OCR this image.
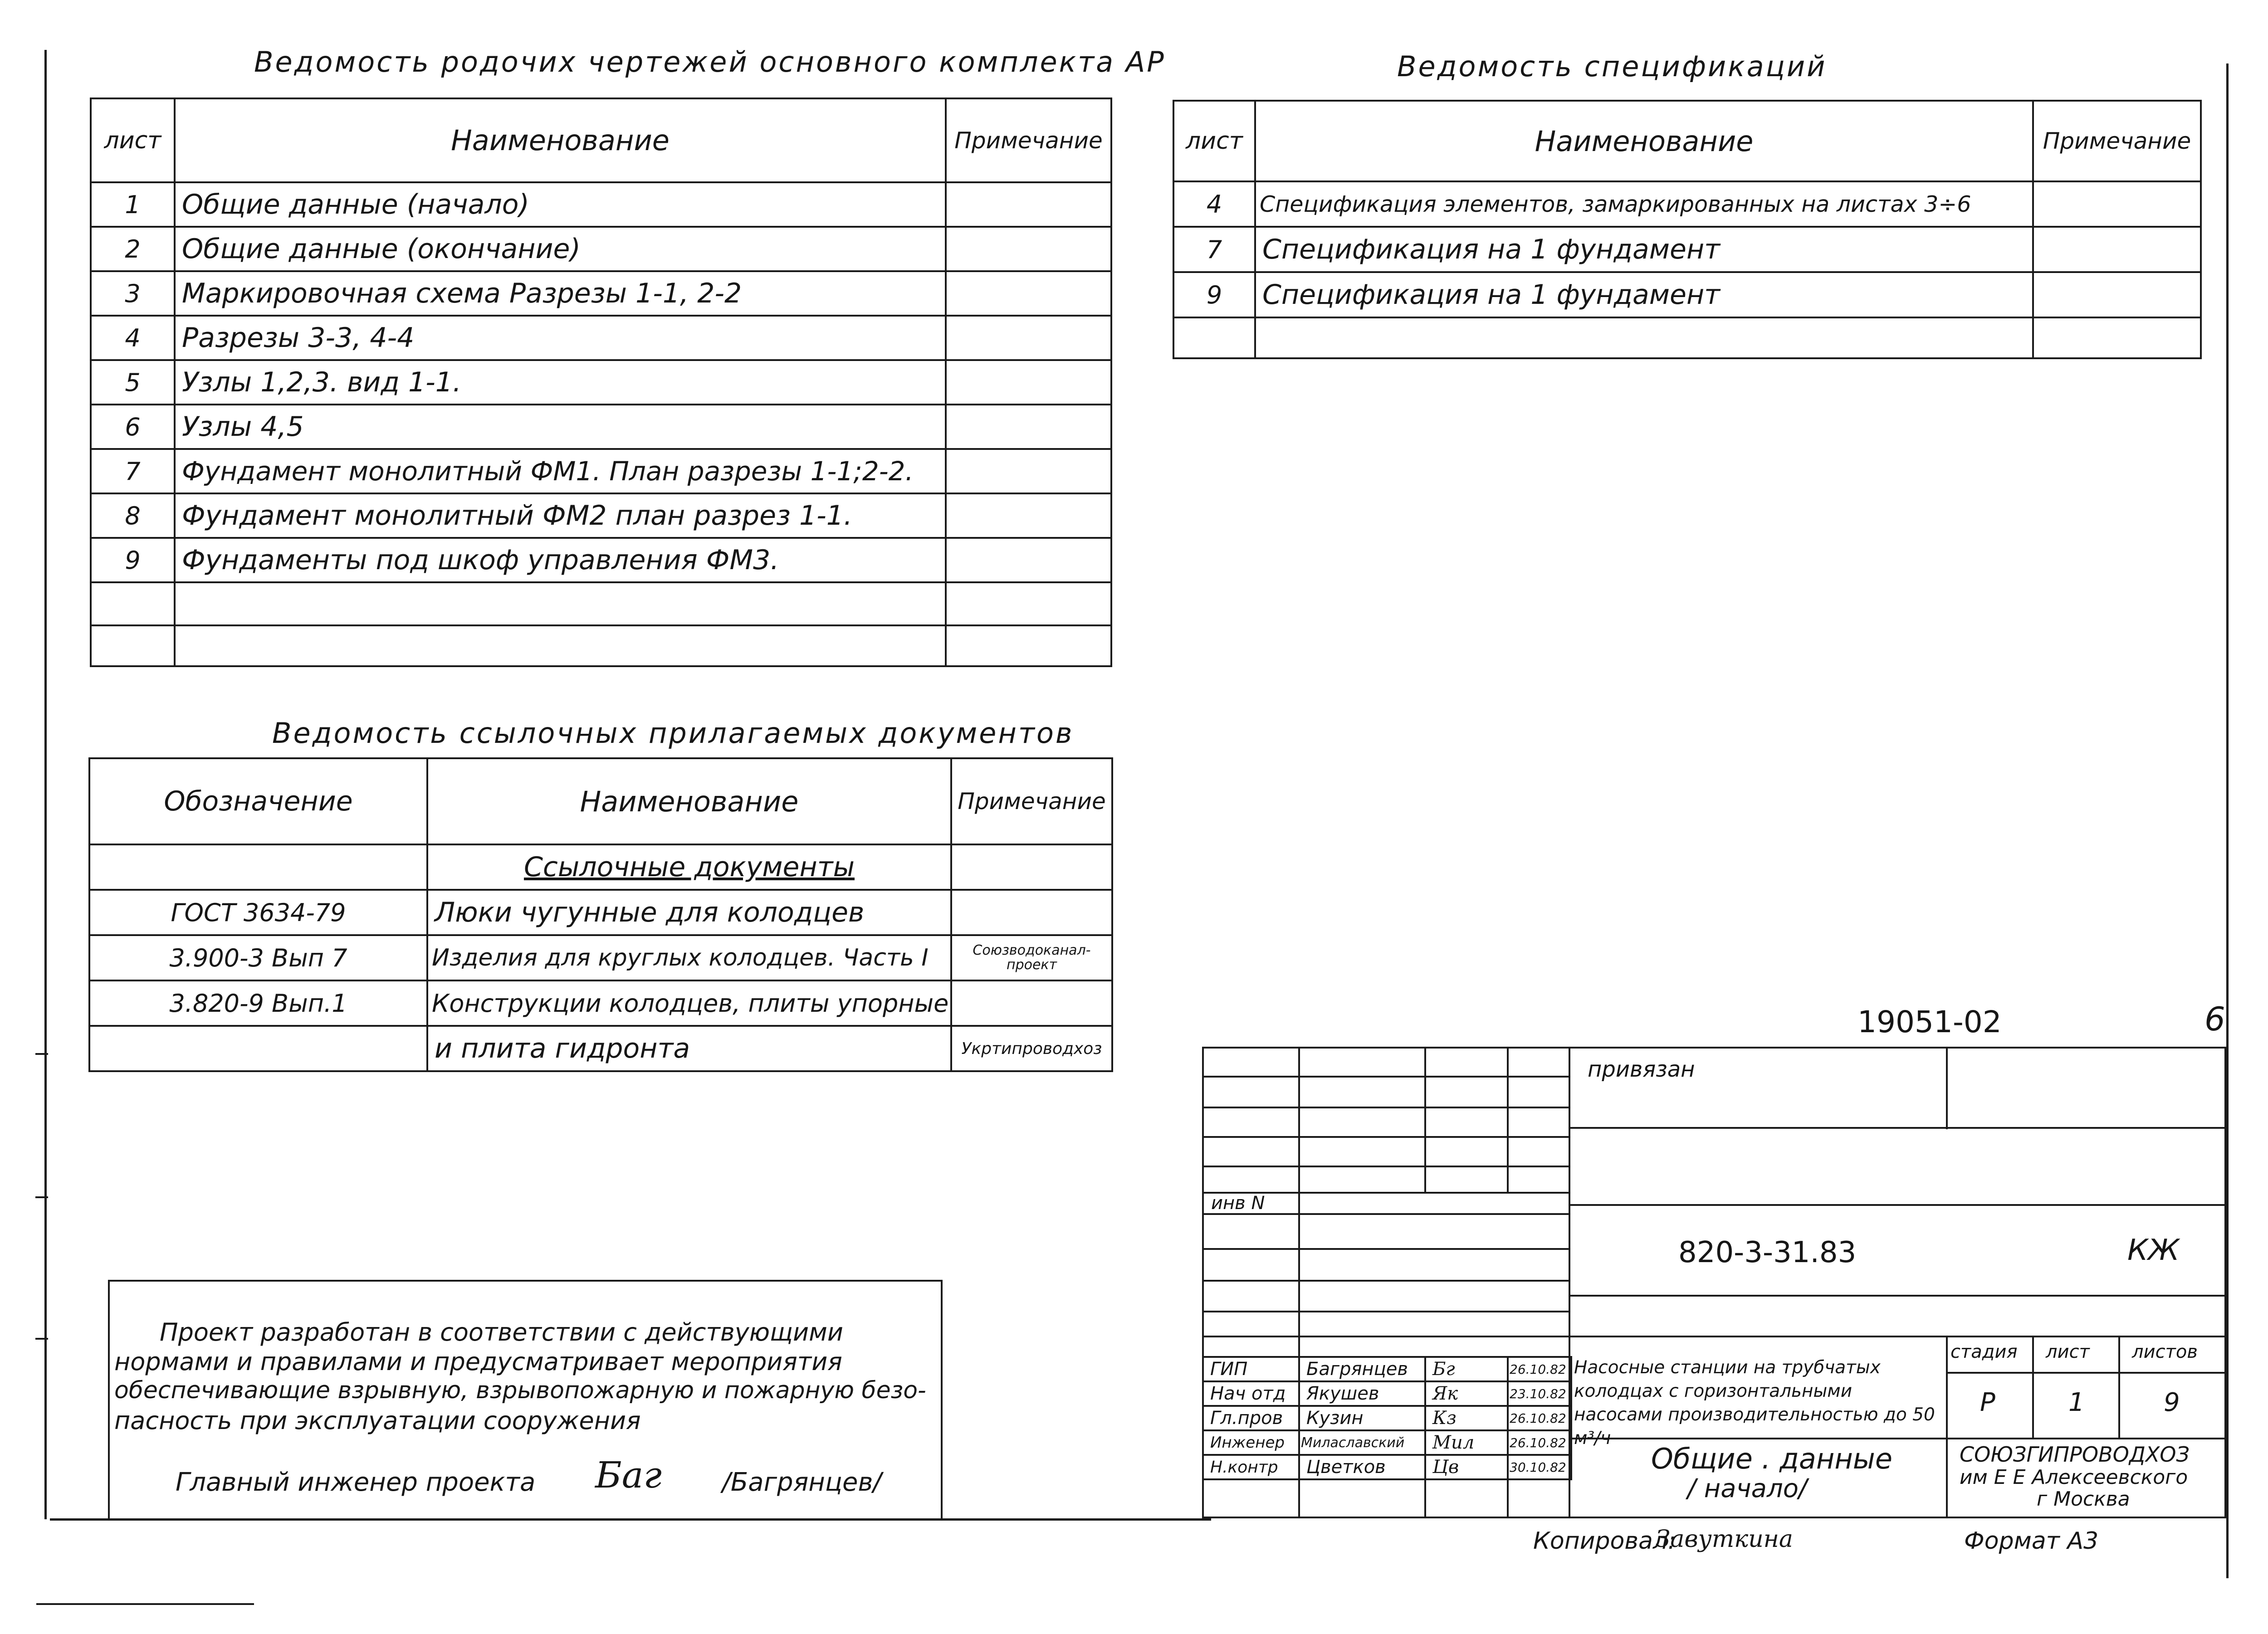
Ведомость родочих чертежей основного комплекта АР
лист	Наименование	Примечание
1	Общие данные (начало)	
2	Общие данные (окончание)	
3	Маркировочная схема Разрезы 1-1, 2-2	
4	Разрезы 3-3, 4-4	
5	Узлы 1,2,3. вид 1-1.	
6	Узлы 4,5	
7	Фундамент монолитный ФМ1. План разрезы 1-1;2-2.	
8	Фундамент монолитный ФМ2 план разрез 1-1.	
9	Фундаменты под шкоф управления ФМ3.	

Ведомость спецификаций
лист	Наименование	Примечание
4	Спецификация элементов, замаркированных на листах 3÷6	
7	Спецификация на 1 фундамент	
9	Спецификация на 1 фундамент	

Ведомость ссылочных прилагаемых документов
Обозначение	Наименование	Примечание
	Ссылочные документы	
ГОСТ 3634-79	Люки чугунные для колодцев	
3.900-3 Вып 7	Изделия для круглых колодцев. Часть I	Союзводоканал-проект
3.820-9 Вып.1	Конструкции колодцев, плиты упорные	
	и плита гидронта	Укртипроводхоз
Проект разработан в соответствии с действующими
нормами и правилами и предусматривает мероприятия
обеспечивающие взрывную, взрывопожарную и пожарную безо-
пасность при эксплуатации сооружения
Главный инженер проекта Бaг /Багрянцев/
19051-02	6
инв N
ГИП	Багрянцев	Бг	26.10.82
Нач отд	Якушев	Як	23.10.82
Гл.пров	Кузин	Кз	26.10.82
Инженер	Милаславский	Мил	26.10.82
Н.контр	Цветков	Цв	30.10.82
привязан
820-3-31.83	КЖ
стадия лист листов
Р	1	9
Насосные станции на трубчатых колодцах с горизонтальными насосами производительностью до 50 м³/ч
Общие . данные
/ начало/
СОЮЗГИПРОВОДХОЗ
им Е Е Алексеевского
г Москва
Копировал:
Завуткина	Формат А3
